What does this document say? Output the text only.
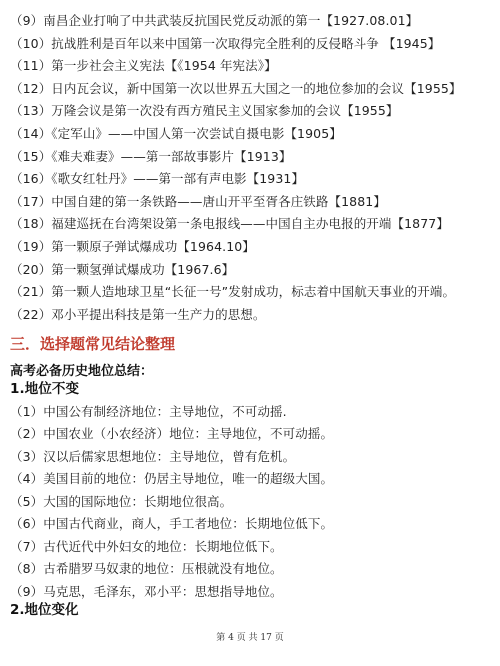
（9）南昌企业打响了中共武装反抗国民党反动派的第一【1927.08.01】
（10）抗战胜利是百年以来中国第一次取得完全胜利的反侵略斗争 【1945】
（11）第一步社会主义宪法【《1954 年宪法》】
（12）日内瓦会议，新中国第一次以世界五大国之一的地位参加的会议【1955】
（13）万隆会议是第一次没有西方殖民主义国家参加的会议【1955】
（14）《定军山》——中国人第一次尝试自摄电影【1905】
（15）《难夫难妻》——第一部故事影片【1913】
（16）《歌女红牡丹》——第一部有声电影【1931】
（17）中国自建的第一条铁路——唐山开平至胥各庄铁路【1881】
（18）福建巡抚在台湾架设第一条电报线——中国自主办电报的开端【1877】
（19）第一颗原子弹试爆成功【1964.10】
（20）第一颗氢弹试爆成功【1967.6】
（21）第一颗人造地球卫星“长征一号”发射成功，标志着中国航天事业的开端。
（22）邓小平提出科技是第一生产力的思想。
三．选择题常见结论整理
高考必备历史地位总结：
1.地位不变
（1）中国公有制经济地位：主导地位，不可动摇.
（2）中国农业（小农经济）地位：主导地位，不可动摇。
（3）汉以后儒家思想地位：主导地位，曾有危机。
（4）美国目前的地位：仍居主导地位，唯一的超级大国。
（5）大国的国际地位：长期地位很高。
（6）中国古代商业，商人，手工者地位：长期地位低下。
（7）古代近代中外妇女的地位：长期地位低下。
（8）古希腊罗马奴隶的地位：压根就没有地位。
（9）马克思，毛泽东，邓小平：思想指导地位。
2.地位变化
第 4 页 共 17 页
